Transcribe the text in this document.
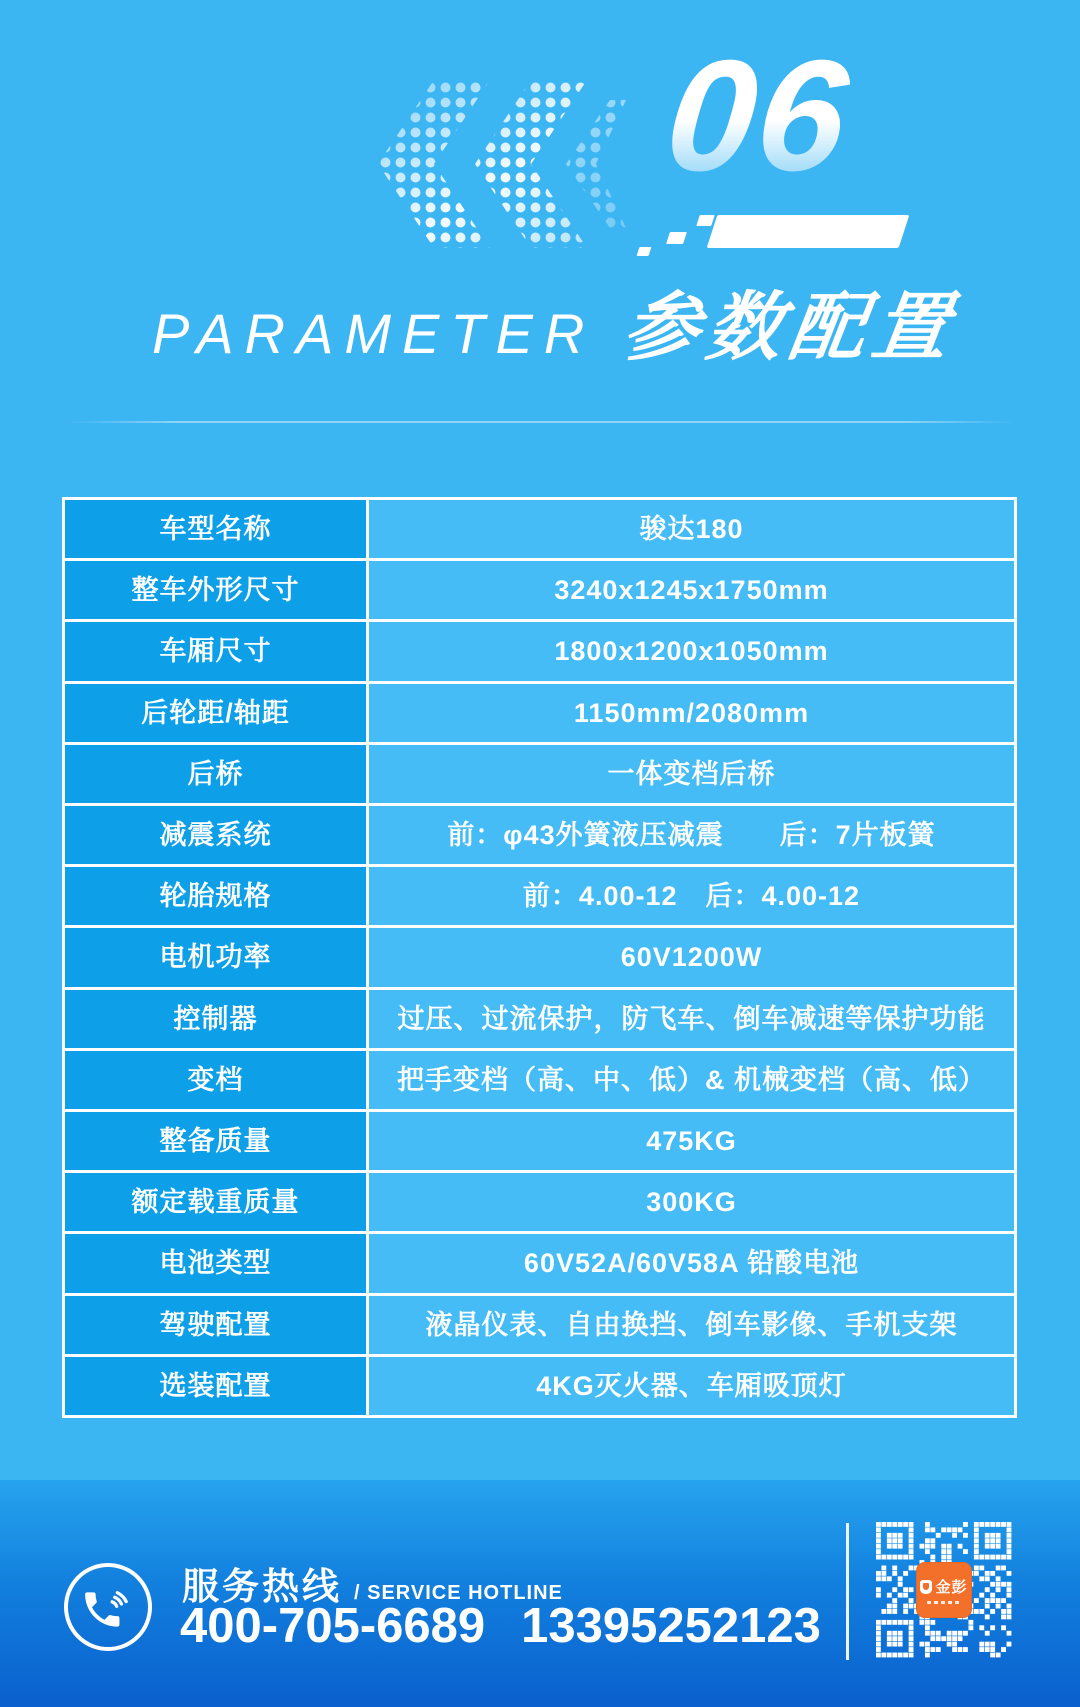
06
PARAMETER 参数配置
车型名称	骏达180
整车外形尺寸	3240x1245x1750mm
车厢尺寸	1800x1200x1050mm
后轮距/轴距	1150mm/2080mm
后桥	一体变档后桥
减震系统	前：φ43外簧液压减震　　后：7片板簧
轮胎规格	前：4.00-12　后：4.00-12
电机功率	60V1200W
控制器	过压、过流保护，防飞车、倒车减速等保护功能
变档	把手变档（高、中、低）& 机械变档（高、低）
整备质量	475KG
额定载重质量	300KG
电池类型	60V52A/60V58A 铅酸电池
驾驶配置	液晶仪表、自由换挡、倒车影像、手机支架
选装配置	4KG灭火器、车厢吸顶灯
服务热线 / SERVICE HOTLINE
400-705-6689 13395252123
金彭
